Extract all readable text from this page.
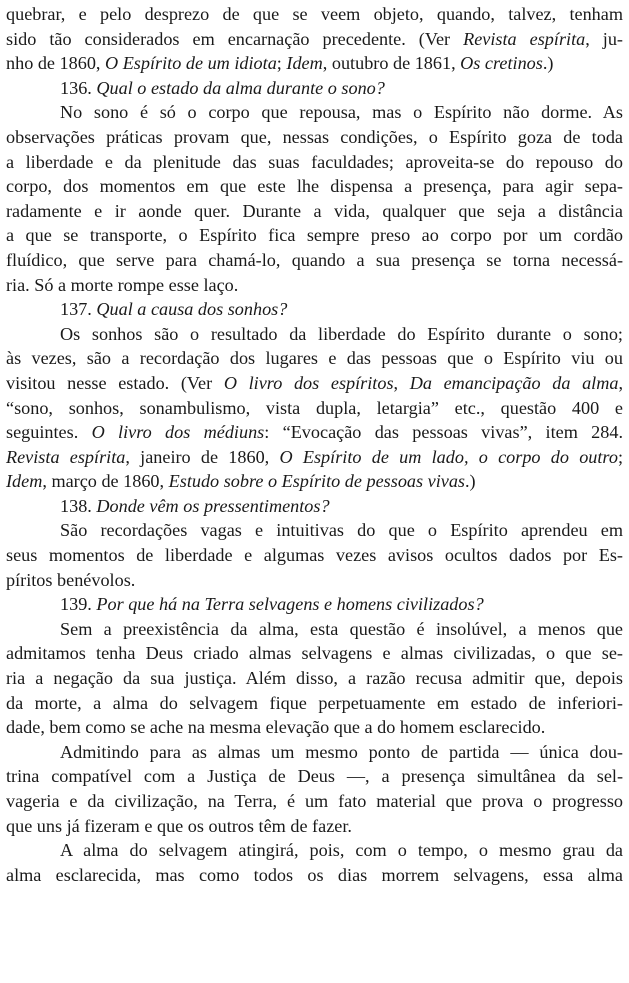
quebrar, e pelo desprezo de que se veem objeto, quando, talvez, tenham
sido tão considerados em encarnação precedente. (Ver Revista espírita, ju-
nho de 1860, O Espírito de um idiota; Idem, outubro de 1861, Os cretinos.)
136. Qual o estado da alma durante o sono?
No sono é só o corpo que repousa, mas o Espírito não dorme. As
observações práticas provam que, nessas condições, o Espírito goza de toda
a liberdade e da plenitude das suas faculdades; aproveita-se do repouso do
corpo, dos momentos em que este lhe dispensa a presença, para agir sepa-
radamente e ir aonde quer. Durante a vida, qualquer que seja a distância
a que se transporte, o Espírito fica sempre preso ao corpo por um cordão
fluídico, que serve para chamá-lo, quando a sua presença se torna necessá-
ria. Só a morte rompe esse laço.
137. Qual a causa dos sonhos?
Os sonhos são o resultado da liberdade do Espírito durante o sono;
às vezes, são a recordação dos lugares e das pessoas que o Espírito viu ou
visitou nesse estado. (Ver O livro dos espíritos, Da emancipação da alma,
“sono, sonhos, sonambulismo, vista dupla, letargia” etc., questão 400 e
seguintes. O livro dos médiuns: “Evocação das pessoas vivas”, item 284.
Revista espírita, janeiro de 1860, O Espírito de um lado, o corpo do outro;
Idem, março de 1860, Estudo sobre o Espírito de pessoas vivas.)
138. Donde vêm os pressentimentos?
São recordações vagas e intuitivas do que o Espírito aprendeu em
seus momentos de liberdade e algumas vezes avisos ocultos dados por Es-
píritos benévolos.
139. Por que há na Terra selvagens e homens civilizados?
Sem a preexistência da alma, esta questão é insolúvel, a menos que
admitamos tenha Deus criado almas selvagens e almas civilizadas, o que se-
ria a negação da sua justiça. Além disso, a razão recusa admitir que, depois
da morte, a alma do selvagem fique perpetuamente em estado de inferiori-
dade, bem como se ache na mesma elevação que a do homem esclarecido.
Admitindo para as almas um mesmo ponto de partida — única dou-
trina compatível com a Justiça de Deus —, a presença simultânea da sel-
vageria e da civilização, na Terra, é um fato material que prova o progresso
que uns já fizeram e que os outros têm de fazer.
A alma do selvagem atingirá, pois, com o tempo, o mesmo grau da
alma esclarecida, mas como todos os dias morrem selvagens, essa alma
